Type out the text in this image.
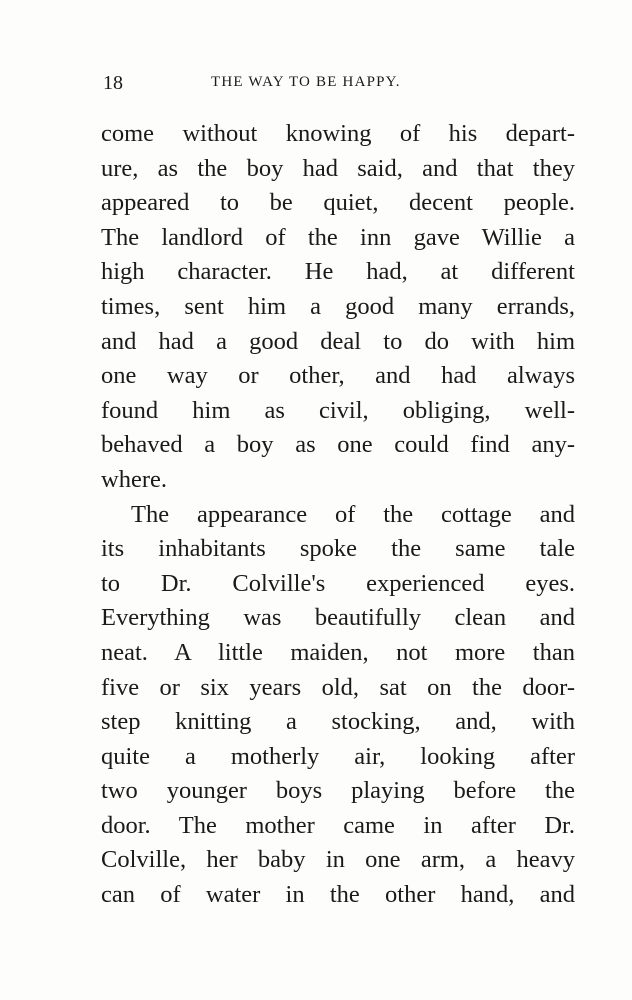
18	THE WAY TO BE HAPPY.
come without knowing of his depart-
ure, as the boy had said, and that they
appeared to be quiet, decent people.
The landlord of the inn gave Willie a
high character. He had, at different
times, sent him a good many errands,
and had a good deal to do with him
one way or other, and had always
found him as civil, obliging, well-
behaved a boy as one could find any-
where.
The appearance of the cottage and
its inhabitants spoke the same tale
to Dr. Colville's experienced eyes.
Everything was beautifully clean and
neat. A little maiden, not more than
five or six years old, sat on the door-
step knitting a stocking, and, with
quite a motherly air, looking after
two younger boys playing before the
door. The mother came in after Dr.
Colville, her baby in one arm, a heavy
can of water in the other hand, and
